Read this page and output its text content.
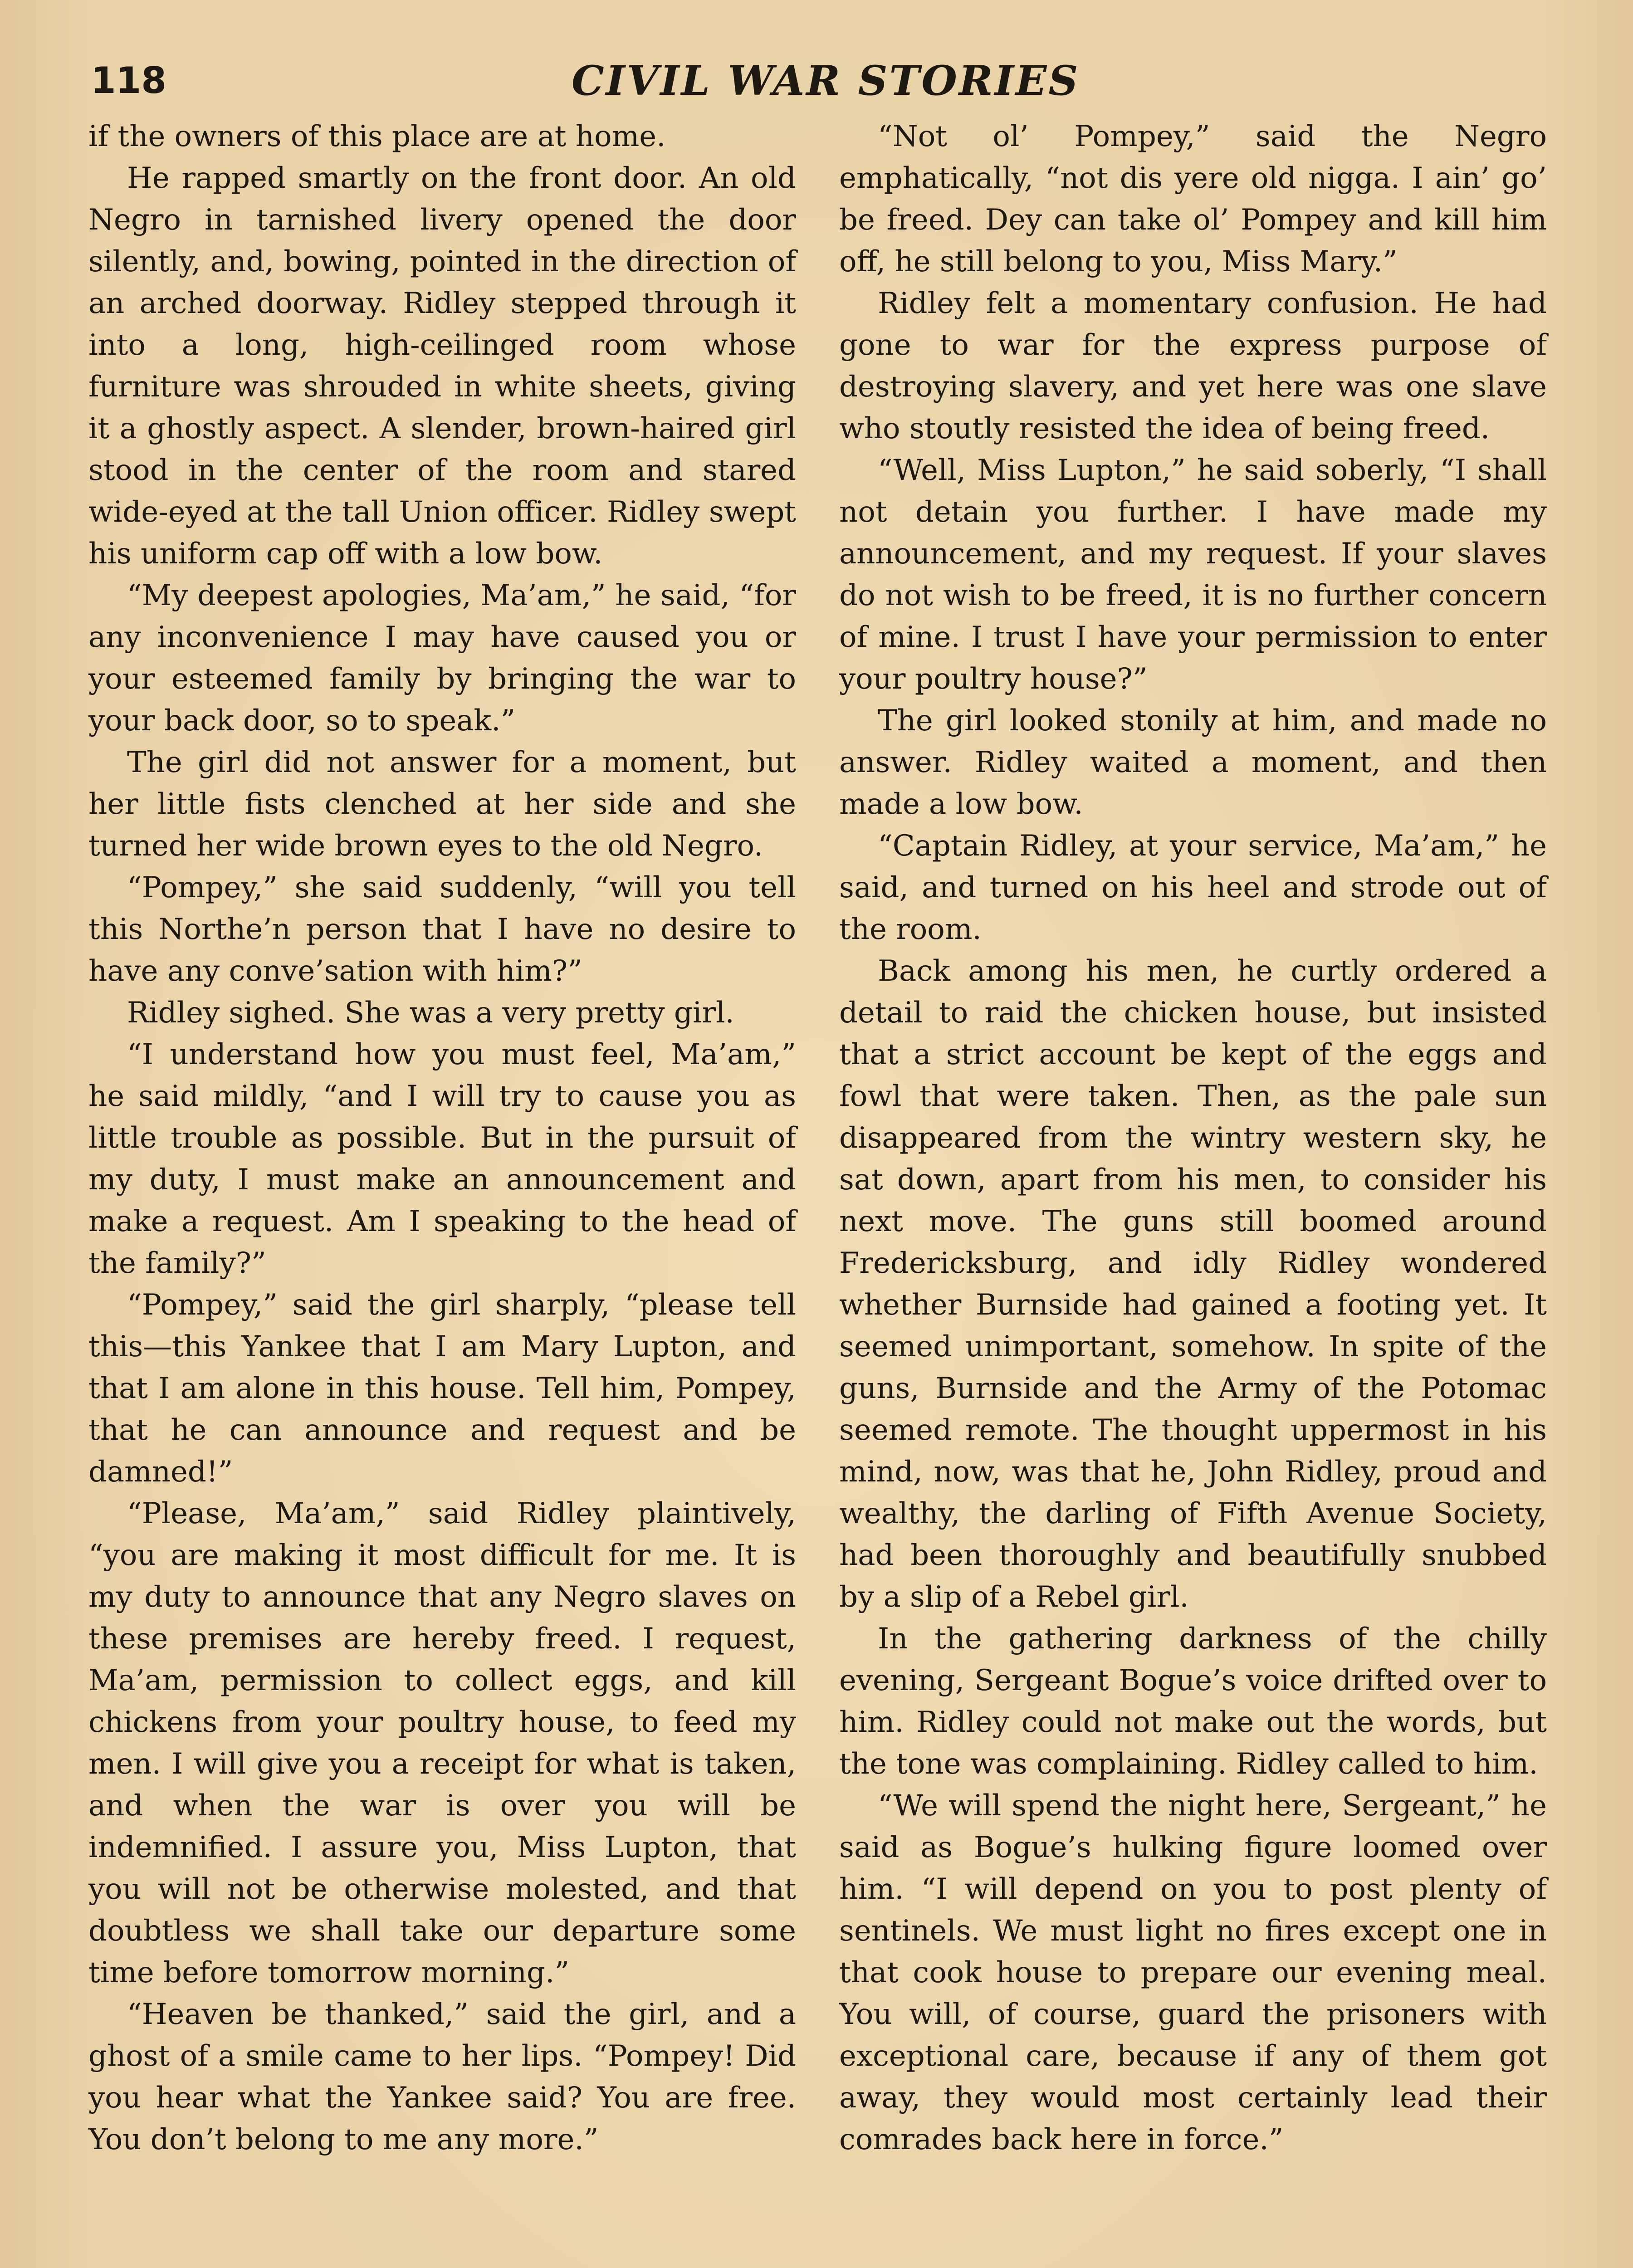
118	CIVIL WAR STORIES

if the owners of this place are at home.

He rapped smartly on the front door. An old Negro in tarnished livery opened the door silently, and, bowing, pointed in the direction of an arched doorway. Ridley stepped through it into a long, high-ceilinged room whose furniture was shrouded in white sheets, giving it a ghostly aspect. A slender, brown-haired girl stood in the center of the room and stared wide-eyed at the tall Union officer. Ridley swept his uniform cap off with a low bow.

“My deepest apologies, Ma’am,” he said, “for any inconvenience I may have caused you or your esteemed family by bringing the war to your back door, so to speak.”

The girl did not answer for a moment, but her little fists clenched at her side and she turned her wide brown eyes to the old Negro.

“Pompey,” she said suddenly, “will you tell this Northe’n person that I have no desire to have any conve’sation with him?”

Ridley sighed. She was a very pretty girl.

“I understand how you must feel, Ma’am,” he said mildly, “and I will try to cause you as little trouble as possible. But in the pursuit of my duty, I must make an announcement and make a request. Am I speaking to the head of the family?”

“Pompey,” said the girl sharply, “please tell this—this Yankee that I am Mary Lupton, and that I am alone in this house. Tell him, Pompey, that he can announce and request and be damned!”

“Please, Ma’am,” said Ridley plaintively, “you are making it most difficult for me. It is my duty to announce that any Negro slaves on these premises are hereby freed. I request, Ma’am, permission to collect eggs, and kill chickens from your poultry house, to feed my men. I will give you a receipt for what is taken, and when the war is over you will be indemnified. I assure you, Miss Lupton, that you will not be otherwise molested, and that doubtless we shall take our departure some time before tomorrow morning.”

“Heaven be thanked,” said the girl, and a ghost of a smile came to her lips. “Pompey! Did you hear what the Yankee said? You are free. You don’t belong to me any more.”

“Not ol’ Pompey,” said the Negro emphatically, “not dis yere old nigga. I ain’ go’ be freed. Dey can take ol’ Pompey and kill him off, he still belong to you, Miss Mary.”

Ridley felt a momentary confusion. He had gone to war for the express purpose of destroying slavery, and yet here was one slave who stoutly resisted the idea of being freed.

“Well, Miss Lupton,” he said soberly, “I shall not detain you further. I have made my announcement, and my request. If your slaves do not wish to be freed, it is no further concern of mine. I trust I have your permission to enter your poultry house?”

The girl looked stonily at him, and made no answer. Ridley waited a moment, and then made a low bow.

“Captain Ridley, at your service, Ma’am,” he said, and turned on his heel and strode out of the room.

Back among his men, he curtly ordered a detail to raid the chicken house, but insisted that a strict account be kept of the eggs and fowl that were taken. Then, as the pale sun disappeared from the wintry western sky, he sat down, apart from his men, to consider his next move. The guns still boomed around Fredericksburg, and idly Ridley wondered whether Burnside had gained a footing yet. It seemed unimportant, somehow. In spite of the guns, Burnside and the Army of the Potomac seemed remote. The thought uppermost in his mind, now, was that he, John Ridley, proud and wealthy, the darling of Fifth Avenue Society, had been thoroughly and beautifully snubbed by a slip of a Rebel girl.

In the gathering darkness of the chilly evening, Sergeant Bogue’s voice drifted over to him. Ridley could not make out the words, but the tone was complaining. Ridley called to him.

“We will spend the night here, Sergeant,” he said as Bogue’s hulking figure loomed over him. “I will depend on you to post plenty of sentinels. We must light no fires except one in that cook house to prepare our evening meal. You will, of course, guard the prisoners with exceptional care, because if any of them got away, they would most certainly lead their comrades back here in force.”
